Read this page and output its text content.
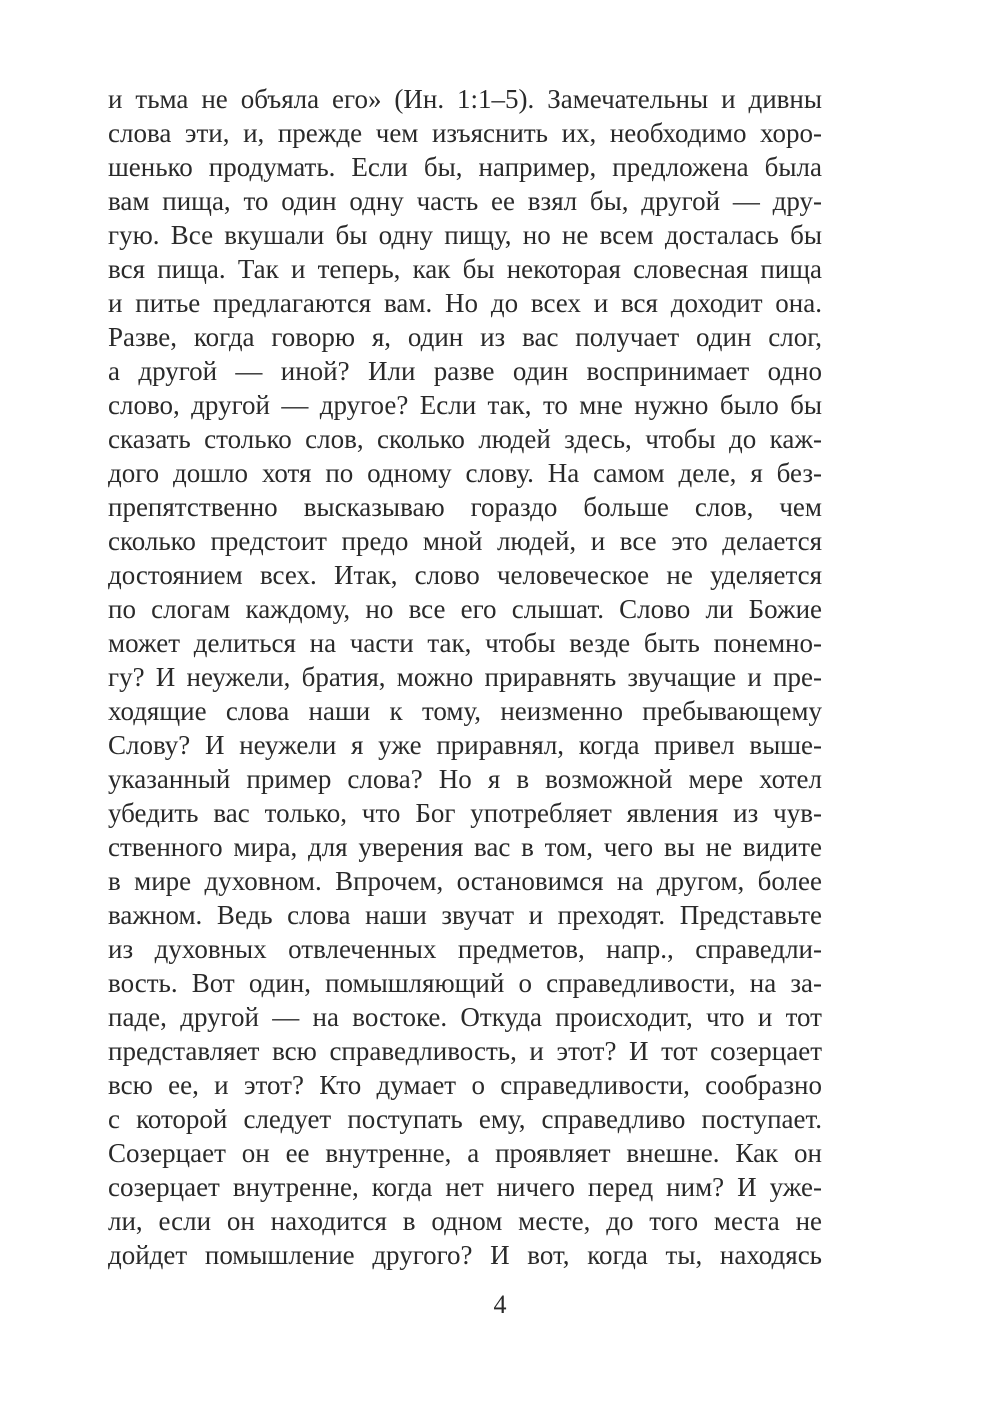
и тьма не объяла его» (Ин. 1:1–5). Замечательны и дивны
слова эти, и, прежде чем изъяснить их, необходимо хоро-
шенько продумать. Если бы, например, предложена была
вам пища, то один одну часть ее взял бы, другой — дру-
гую. Все вкушали бы одну пищу, но не всем досталась бы
вся пища. Так и теперь, как бы некоторая словесная пища
и питье предлагаются вам. Но до всех и вся доходит она.
Разве, когда говорю я, один из вас получает один слог,
а другой — иной? Или разве один воспринимает одно
слово, другой — другое? Если так, то мне нужно было бы
сказать столько слов, сколько людей здесь, чтобы до каж-
дого дошло хотя по одному слову. На самом деле, я без-
препятственно высказываю гораздо больше слов, чем
сколько предстоит предо мной людей, и все это делается
достоянием всех. Итак, слово человеческое не уделяется
по слогам каждому, но все его слышат. Слово ли Божие
может делиться на части так, чтобы везде быть понемно-
гу? И неужели, братия, можно приравнять звучащие и пре-
ходящие слова наши к тому, неизменно пребывающему
Слову? И неужели я уже приравнял, когда привел выше-
указанный пример слова? Но я в возможной мере хотел
убедить вас только, что Бог употребляет явления из чув-
ственного мира, для уверения вас в том, чего вы не видите
в мире духовном. Впрочем, остановимся на другом, более
важном. Ведь слова наши звучат и преходят. Представьте
из духовных отвлеченных предметов, напр., справедли-
вость. Вот один, помышляющий о справедливости, на за-
паде, другой — на востоке. Откуда происходит, что и тот
представляет всю справедливость, и этот? И тот созерцает
всю ее, и этот? Кто думает о справедливости, сообразно
с которой следует поступать ему, справедливо поступает.
Созерцает он ее внутренне, а проявляет внешне. Как он
созерцает внутренне, когда нет ничего перед ним? И уже-
ли, если он находится в одном месте, до того места не
дойдет помышление другого? И вот, когда ты, находясь
4
